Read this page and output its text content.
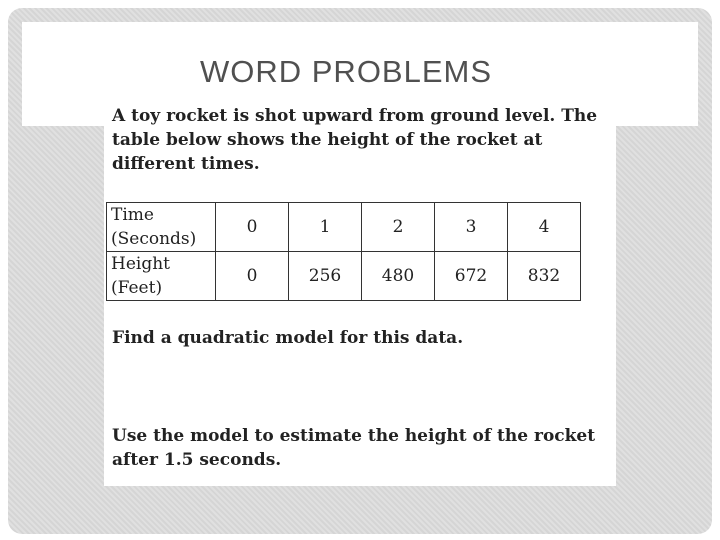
WORD PROBLEMS

A toy rocket is shot upward from ground level. The table below shows the height of the rocket at different times.

Time (Seconds)	0	1	2	3	4
Height (Feet)	0	256	480	672	832

Find a quadratic model for this data.

Use the model to estimate the height of the rocket after 1.5 seconds.
